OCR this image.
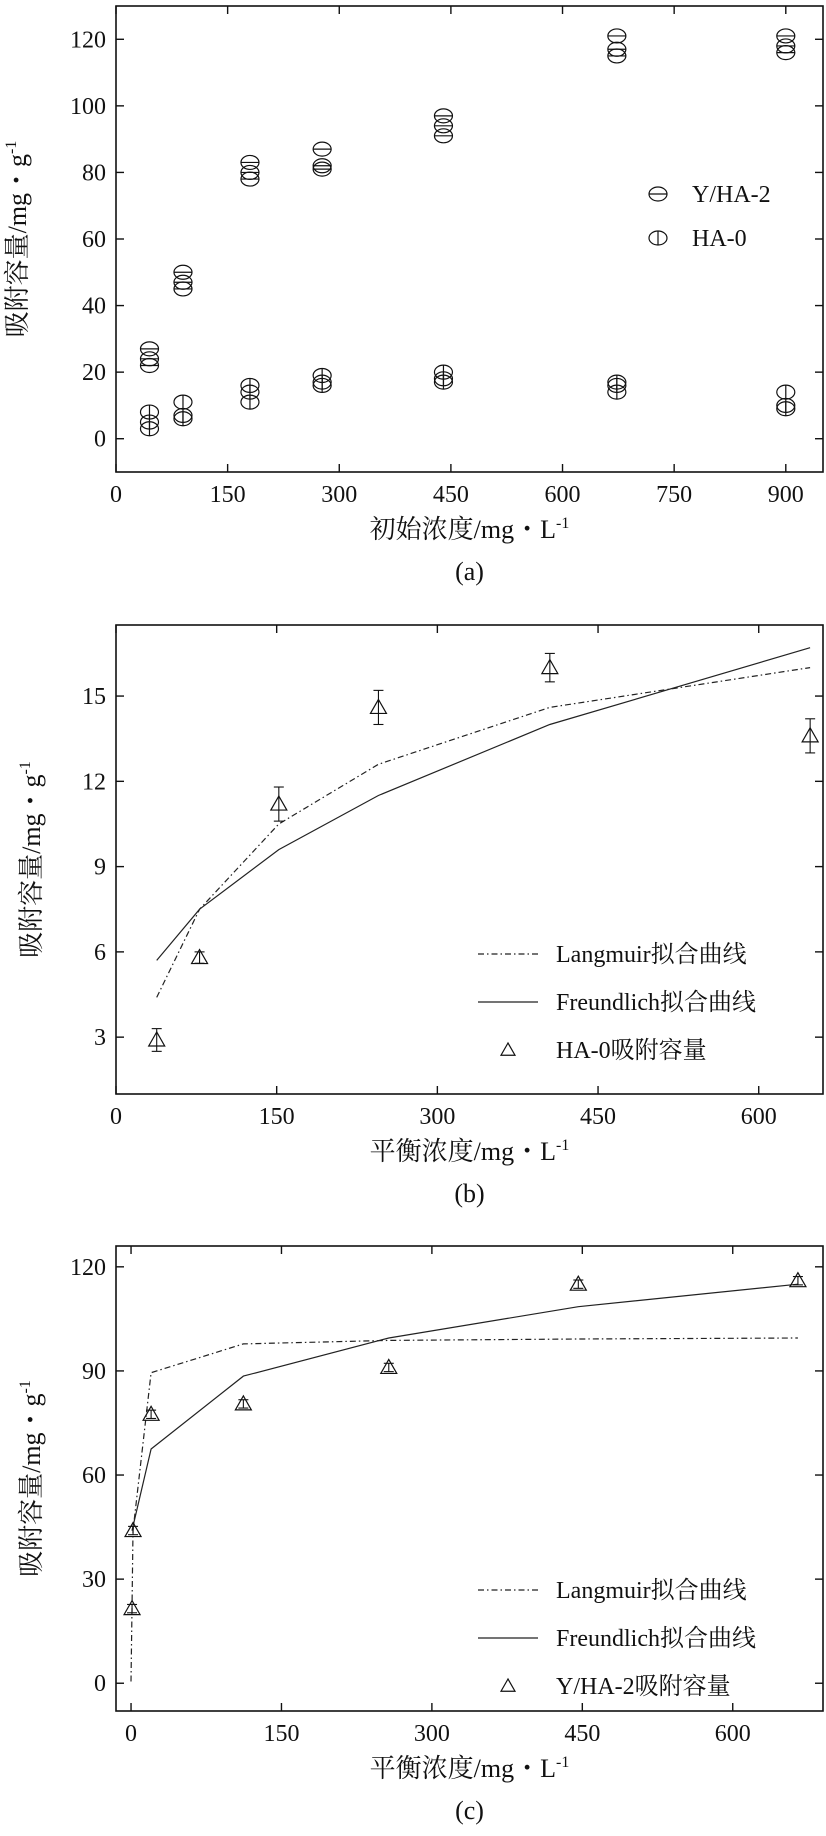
0	150	300	450	600	750	900
0
20
40
60
80
100
120
初始浓度/mg・$L^{-1}$
吸附容量/mg・$g^{-1}$
(a)
Y/HA-2
HA-0
0	150	300	450	600
3
6
9
12
15
平衡浓度/mg・$L^{-1}$
吸附容量/mg・$g^{-1}$
(b)
Langmuir拟合曲线
Freundlich拟合曲线
HA-0吸附容量
0	150	300	450	600
0
30
60
90
120
平衡浓度/mg・$L^{-1}$
吸附容量/mg・$g^{-1}$
(c)
Langmuir拟合曲线
Freundlich拟合曲线
Y/HA-2吸附容量
